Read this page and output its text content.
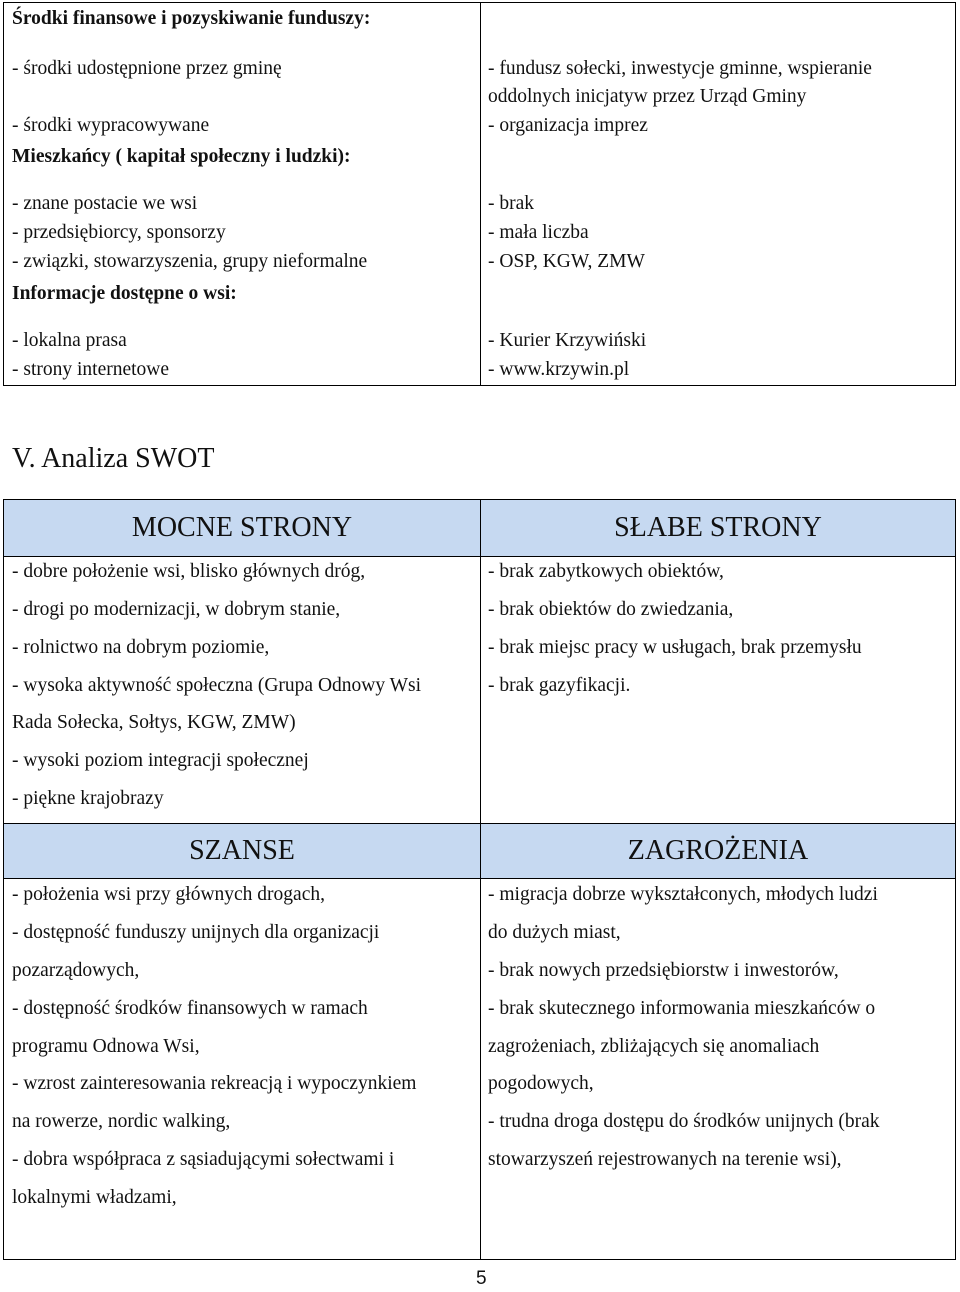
Środki finansowe i pozyskiwanie funduszy:
- środki udostępnione przez gminę
- środki wypracowywane
Mieszkańcy ( kapitał społeczny i ludzki):
- znane postacie we wsi
- przedsiębiorcy, sponsorzy
- związki, stowarzyszenia, grupy nieformalne
Informacje dostępne o wsi:
- lokalna prasa
- strony internetowe
- fundusz sołecki, inwestycje gminne, wspieranie
oddolnych inicjatyw przez Urząd Gminy
- organizacja imprez
- brak
- mała liczba
- OSP, KGW, ZMW
- Kurier Krzywiński
- www.krzywin.pl
V. Analiza SWOT
MOCNE STRONY	SŁABE STRONY
SZANSE	ZAGROŻENIA
- dobre położenie wsi, blisko głównych dróg,
- drogi po modernizacji, w dobrym stanie,
- rolnictwo na dobrym poziomie,
- wysoka aktywność społeczna (Grupa Odnowy Wsi
Rada Sołecka, Sołtys, KGW, ZMW)
- wysoki poziom integracji społecznej
- piękne krajobrazy
- brak zabytkowych obiektów,
- brak obiektów do zwiedzania,
- brak miejsc pracy w usługach, brak przemysłu
- brak gazyfikacji.
- położenia wsi przy głównych drogach,
- dostępność funduszy unijnych dla organizacji
pozarządowych,
- dostępność środków finansowych w ramach
programu Odnowa Wsi,
- wzrost zainteresowania rekreacją i wypoczynkiem
na rowerze, nordic walking,
- dobra współpraca z sąsiadującymi sołectwami i
lokalnymi władzami,
- migracja dobrze wykształconych, młodych ludzi
do dużych miast,
- brak nowych przedsiębiorstw i inwestorów,
- brak skutecznego informowania mieszkańców o
zagrożeniach, zbliżających się anomaliach
pogodowych,
- trudna droga dostępu do środków unijnych (brak
stowarzyszeń rejestrowanych na terenie wsi),
5
